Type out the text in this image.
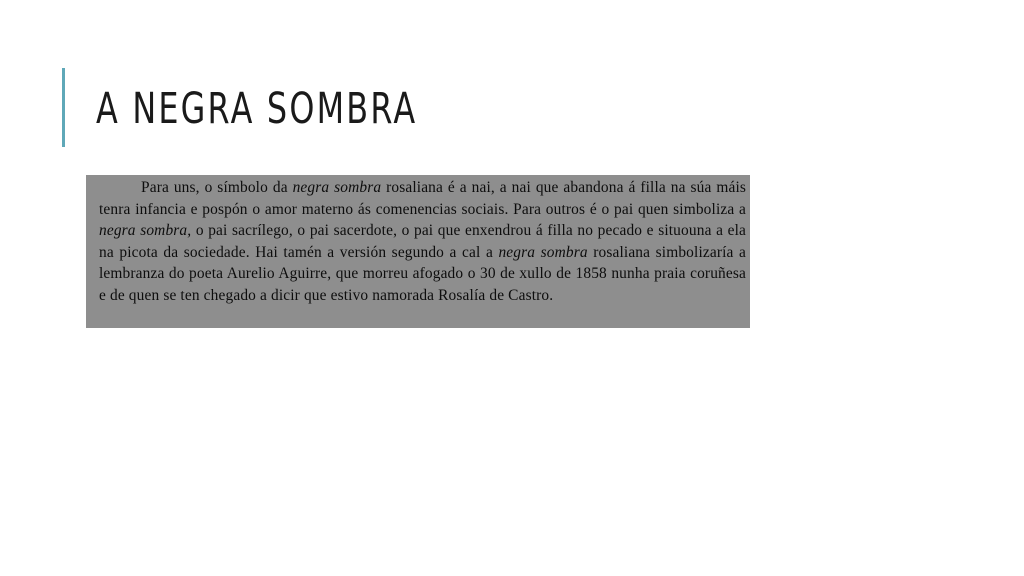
A NEGRA SOMBRA

Para uns, o símbolo da negra sombra rosaliana é a nai, a nai que abandona á filla na súa máis tenra infancia e pospón o amor materno ás comenencias sociais. Para outros é o pai quen simboliza a negra sombra, o pai sacrílego, o pai sacerdote, o pai que enxendrou á filla no pecado e situouna a ela na picota da sociedade. Hai tamén a versión segundo a cal a negra sombra rosaliana simbolizaría a lembranza do poeta Aurelio Aguirre, que morreu afogado o 30 de xullo de 1858 nunha praia coruñesa e de quen se ten chegado a dicir que estivo namorada Rosalía de Castro.
